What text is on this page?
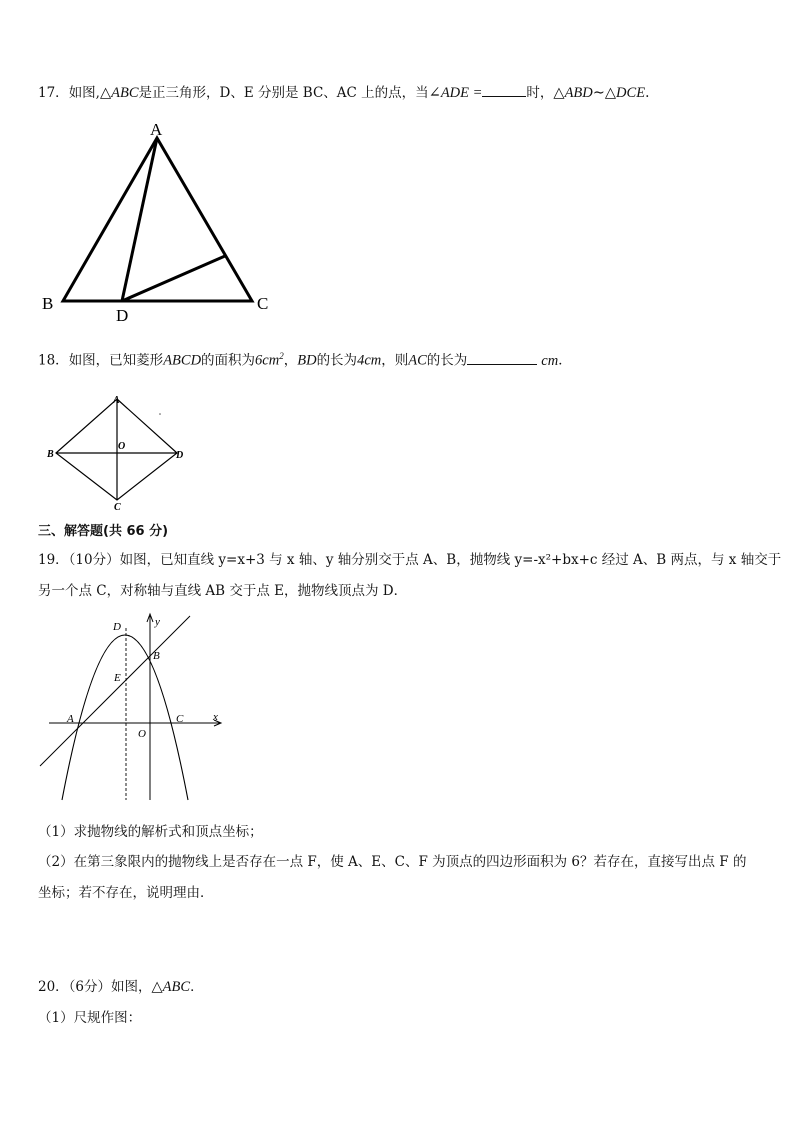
17．如图,△ABC是正三角形，D、E 分别是 BC、AC 上的点，当∠ADE =	时，△ABD∼△DCE.
A
B	C
D
18．如图，已知菱形ABCD的面积为$6cm^2$，BD的长为4cm，则AC的长为	cm．
A
B	D
C
O
三、解答题(共 66 分)
19．（10分）如图，已知直线 y=x+3 与 x 轴、y 轴分别交于点 A、B，抛物线 y=-x²+bx+c 经过 A、B 两点，与 x 轴交于
另一个点 C，对称轴与直线 AB 交于点 E，抛物线顶点为 D．
D	y
B
E
A	C	x
O
（1）求抛物线的解析式和顶点坐标；
（2）在第三象限内的抛物线上是否存在一点 F，使 A、E、C、F 为顶点的四边形面积为 6？若存在，直接写出点 F 的
坐标；若不存在，说明理由．
20．（6分）如图，△ABC．
（1）尺规作图：
